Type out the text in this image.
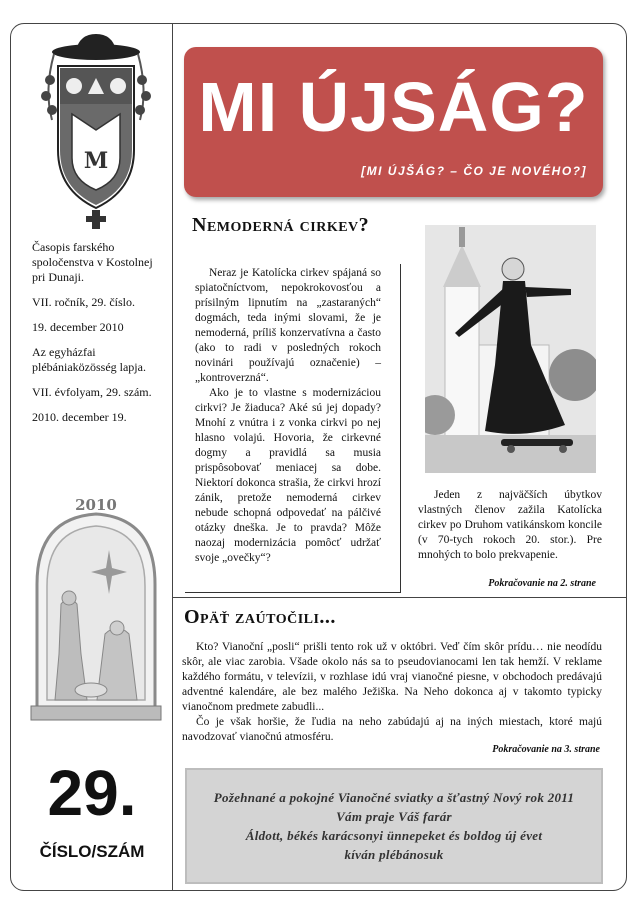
M

Časopis farského spoločenstva v Kostolnej pri Dunaji.

VII. ročník, 29. číslo.

19. december 2010

Az egyházfai plébániaközösség lapja.

VII. évfolyam, 29. szám.

2010. december 19.

2010
29.
ČÍSLO/SZÁM
MI ÚJSÁG?
[MI ÚJŠÁG? – ČO JE NOVÉHO?]
Nemoderná cirkev?

Neraz je Katolícka cirkev spájaná so spiatočníctvom, nepokrokovosťou a prísilným lipnutím na „zastaraných“ dogmách, teda inými slovami, že je nemoderná, príliš konzervatívna a často (ako to radi v posledných rokoch novinári používajú označenie) – „kontroverzná“.

Ako je to vlastne s modernizáciou cirkvi? Je žiaduca? Aké sú jej dopady? Mnohí z vnútra i z vonka cirkvi po nej hlasno volajú. Hovoria, že cirkevné dogmy a pravidlá sa musia prispôsobovať meniacej sa dobe. Niektorí dokonca strašia, že cirkvi hrozí zánik, pretože nemoderná cirkev nebude schopná odpovedať na pálčivé otázky dneška. Je to pravda? Môže naozaj modernizácia pomôcť udržať svoje „ovečky“?

Jeden z najväčších úbytkov vlastných členov zažila Katolícka cirkev po Druhom vatikánskom koncile (v 70-tych rokoch 20. stor.). Pre mnohých to bolo prekvapenie.
Pokračovanie na 2. strane
Opäť zaútočili...

Kto? Vianoční „posli“ prišli tento rok už v októbri. Veď čím skôr prídu… nie neodídu skôr, ale viac zarobia. Všade okolo nás sa to pseudovianocami len tak hemží. V reklame každého formátu, v televízii, v rozhlase idú vraj vianočné piesne, v obchodoch predávajú adventné kalendáre, ale bez malého Ježiška. Na Neho dokonca aj v takomto typicky vianočnom predmete zabudli...

Čo je však horšie, že ľudia na neho zabúdajú aj na iných miestach, ktoré majú navodzovať vianočnú atmosféru.

Pokračovanie na 3. strane
Požehnané a pokojné Vianočné sviatky a šťastný Nový rok 2011
Vám praje Váš farár
Áldott, békés karácsonyi ünnepeket és boldog új évet
kíván plébánosuk
